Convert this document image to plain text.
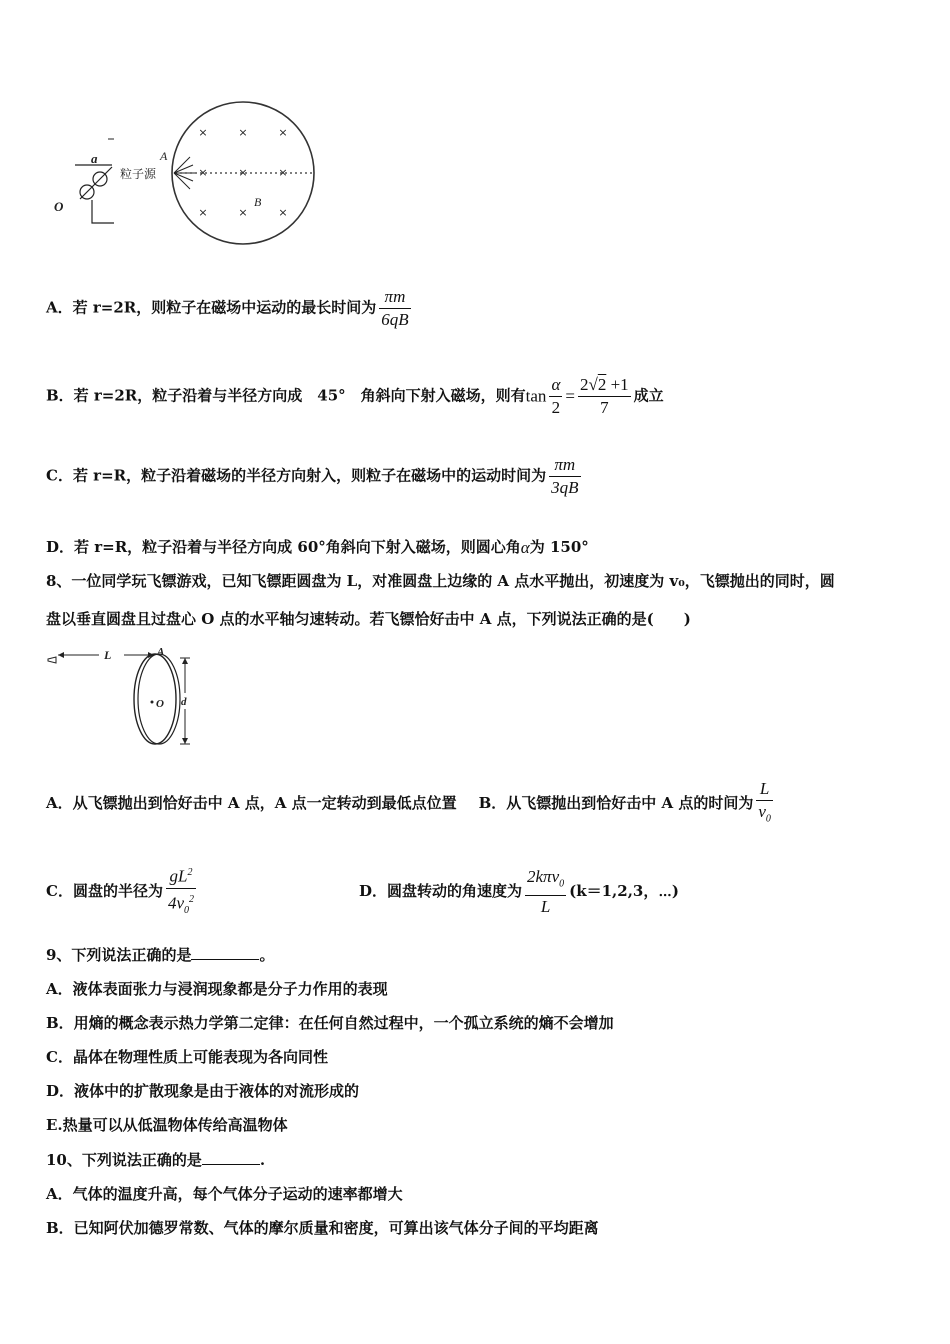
×	×	×
×	×	×
×	×	×
A
B
粒子源
a
O
A．若 r=2R，则粒子在磁场中运动的最长时间为 $\frac{\pi m}{6qB}$
B．若 r=2R，粒子沿着与半径方向成　45°　角斜向下射入磁场，则有$\tan \frac{\alpha}{2} = \frac{2√2 +1}{7}$ 成立
C．若 r=R，粒子沿着磁场的半径方向射入，则粒子在磁场中的运动时间为 $\frac{\pi m}{3qB}$
D．若 r=R，粒子沿着与半径方向成 60°角斜向下射入磁场，则圆心角α为 150°
8、一位同学玩飞镖游戏，已知飞镖距圆盘为 L，对准圆盘上边缘的 A 点水平抛出，初速度为 v₀，飞镖抛出的同时，圆
盘以垂直圆盘且过盘心 O 点的水平轴匀速转动。若飞镖恰好击中 A 点，下列说法正确的是(　　)
L	A
O d
A．从飞镖抛出到恰好击中 A 点，A 点一定转动到最低点位置 B．从飞镖抛出到恰好击中 A 点的时间为 $\frac{L}{v_0}$
C．圆盘的半径为 $\frac{gL^2}{4v_0^2}$	D．圆盘转动的角速度为 $\frac{2k\pi v_0}{L} (k=1,2,3$，⋯)
9、下列说法正确的是	。
A．液体表面张力与浸润现象都是分子力作用的表现
B．用熵的概念表示热力学第二定律：在任何自然过程中，一个孤立系统的熵不会增加
C．晶体在物理性质上可能表现为各向同性
D．液体中的扩散现象是由于液体的对流形成的
E.热量可以从低温物体传给高温物体
10、下列说法正确的是	.
A．气体的温度升高，每个气体分子运动的速率都增大
B．已知阿伏加德罗常数、气体的摩尔质量和密度，可算出该气体分子间的平均距离
